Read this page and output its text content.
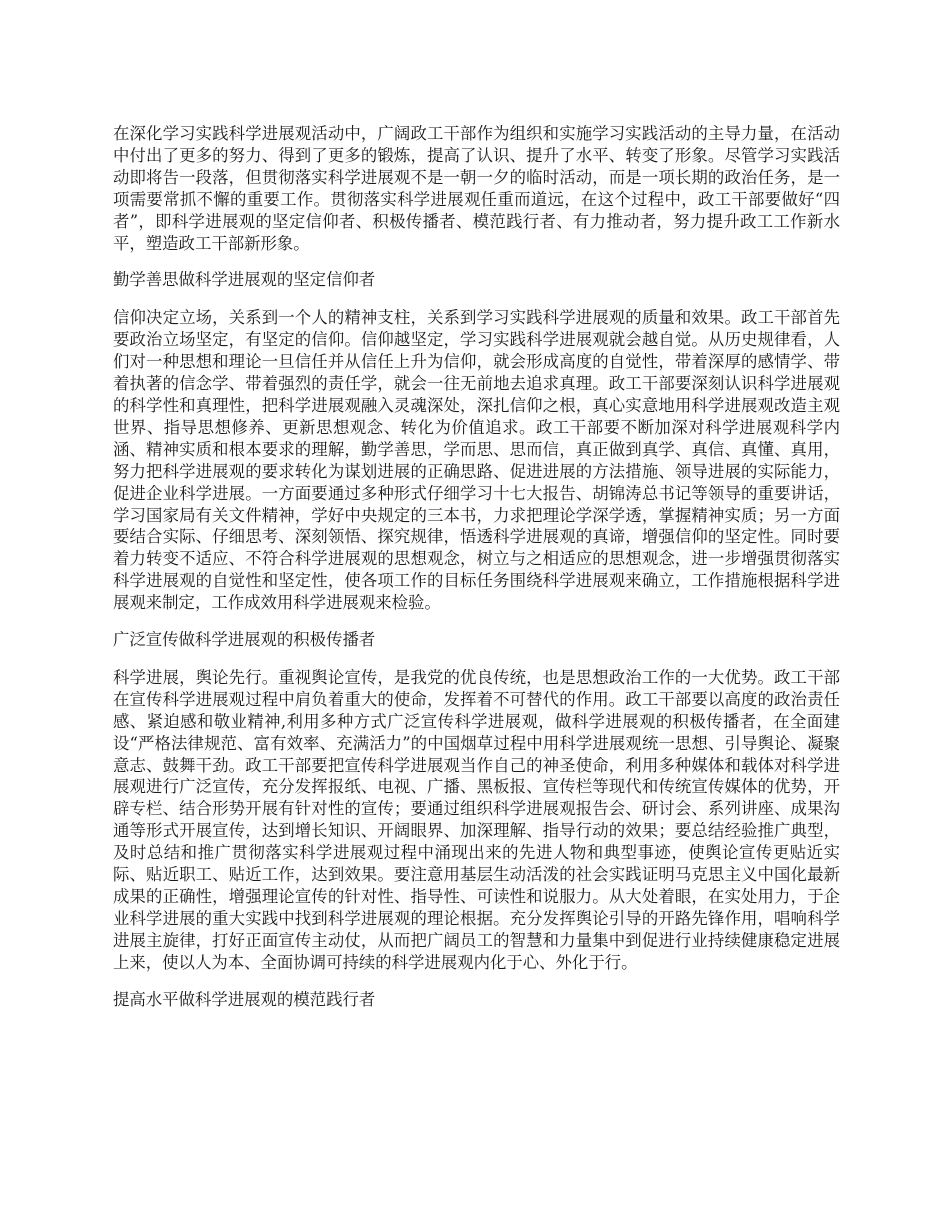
在深化学习实践科学进展观活动中，广阔政工干部作为组织和实施学习实践活动的主导力量，在活动中付出了更多的努力、得到了更多的锻炼，提高了认识、提升了水平、转变了形象。尽管学习实践活动即将告一段落，但贯彻落实科学进展观不是一朝一夕的临时活动，而是一项长期的政治任务，是一项需要常抓不懈的重要工作。贯彻落实科学进展观任重而道远，在这个过程中，政工干部要做好“四者”，即科学进展观的坚定信仰者、积极传播者、模范践行者、有力推动者，努力提升政工工作新水平，塑造政工干部新形象。

勤学善思做科学进展观的坚定信仰者

信仰决定立场，关系到一个人的精神支柱，关系到学习实践科学进展观的质量和效果。政工干部首先要政治立场坚定，有坚定的信仰。信仰越坚定，学习实践科学进展观就会越自觉。从历史规律看，人们对一种思想和理论一旦信任并从信任上升为信仰，就会形成高度的自觉性，带着深厚的感情学、带着执著的信念学、带着强烈的责任学，就会一往无前地去追求真理。政工干部要深刻认识科学进展观的科学性和真理性，把科学进展观融入灵魂深处，深扎信仰之根，真心实意地用科学进展观改造主观世界、指导思想修养、更新思想观念、转化为价值追求。政工干部要不断加深对科学进展观科学内涵、精神实质和根本要求的理解，勤学善思，学而思、思而信，真正做到真学、真信、真懂、真用，努力把科学进展观的要求转化为谋划进展的正确思路、促进进展的方法措施、领导进展的实际能力，促进企业科学进展。一方面要通过多种形式仔细学习十七大报告、胡锦涛总书记等领导的重要讲话，学习国家局有关文件精神，学好中央规定的三本书，力求把理论学深学透，掌握精神实质；另一方面要结合实际、仔细思考、深刻领悟、探究规律，悟透科学进展观的真谛，增强信仰的坚定性。同时要着力转变不适应、不符合科学进展观的思想观念，树立与之相适应的思想观念，进一步增强贯彻落实科学进展观的自觉性和坚定性，使各项工作的目标任务围绕科学进展观来确立，工作措施根据科学进展观来制定，工作成效用科学进展观来检验。

广泛宣传做科学进展观的积极传播者

科学进展，舆论先行。重视舆论宣传，是我党的优良传统，也是思想政治工作的一大优势。政工干部在宣传科学进展观过程中肩负着重大的使命，发挥着不可替代的作用。政工干部要以高度的政治责任感、紧迫感和敬业精神,利用多种方式广泛宣传科学进展观，做科学进展观的积极传播者，在全面建设“严格法律规范、富有效率、充满活力”的中国烟草过程中用科学进展观统一思想、引导舆论、凝聚意志、鼓舞干劲。政工干部要把宣传科学进展观当作自己的神圣使命，利用多种媒体和载体对科学进展观进行广泛宣传，充分发挥报纸、电视、广播、黑板报、宣传栏等现代和传统宣传媒体的优势，开辟专栏、结合形势开展有针对性的宣传；要通过组织科学进展观报告会、研讨会、系列讲座、成果沟通等形式开展宣传，达到增长知识、开阔眼界、加深理解、指导行动的效果；要总结经验推广典型，及时总结和推广贯彻落实科学进展观过程中涌现出来的先进人物和典型事迹，使舆论宣传更贴近实际、贴近职工、贴近工作，达到效果。要注意用基层生动活泼的社会实践证明马克思主义中国化最新成果的正确性，增强理论宣传的针对性、指导性、可读性和说服力。从大处着眼，在实处用力，于企业科学进展的重大实践中找到科学进展观的理论根据。充分发挥舆论引导的开路先锋作用，唱响科学进展主旋律，打好正面宣传主动仗，从而把广阔员工的智慧和力量集中到促进行业持续健康稳定进展上来，使以人为本、全面协调可持续的科学进展观内化于心、外化于行。

提高水平做科学进展观的模范践行者
